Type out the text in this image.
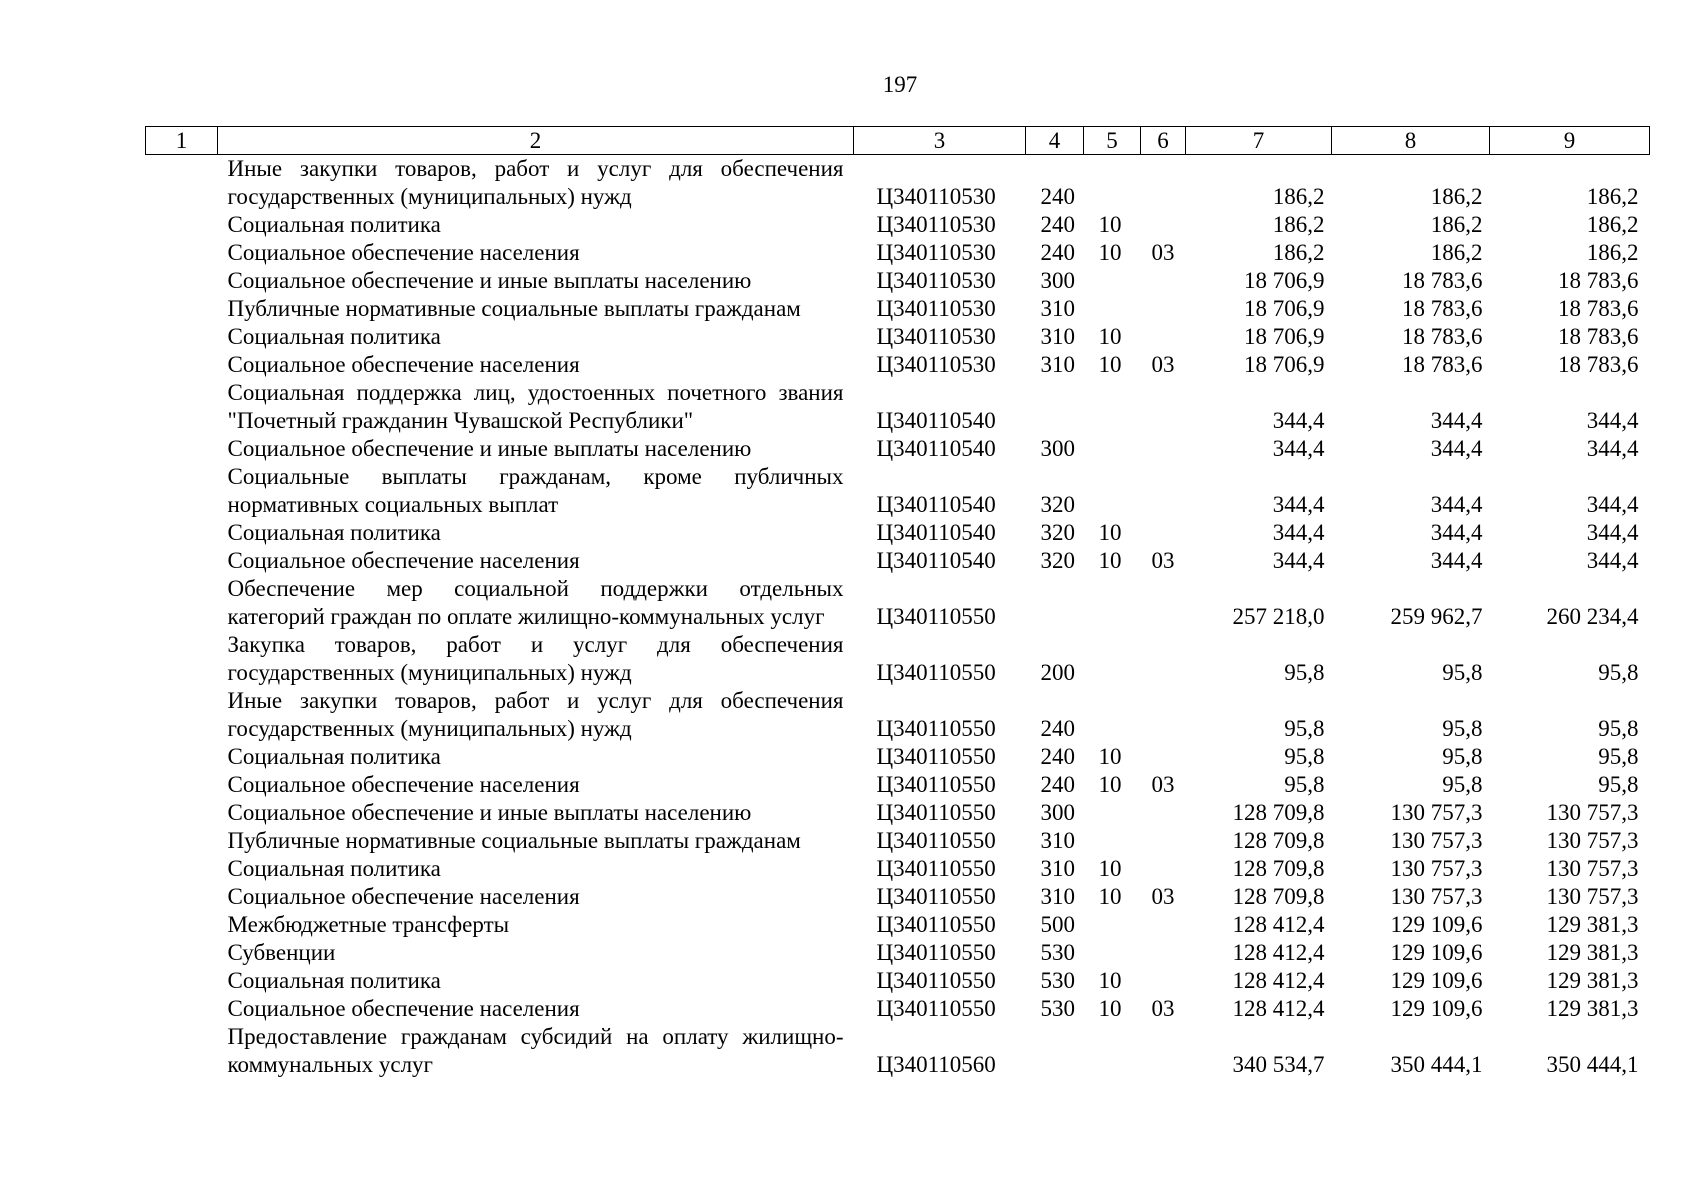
197
1	2	3	4	5	6	7	8	9
	Иные закупки товаров, работ и услуг для обеспечения государственных (муниципальных) нужд	Ц340110530	240			186,2	186,2	186,2
	Социальная политика	Ц340110530	240	10		186,2	186,2	186,2
	Социальное обеспечение населения	Ц340110530	240	10	03	186,2	186,2	186,2
	Социальное обеспечение и иные выплаты населению	Ц340110530	300			18 706,9	18 783,6	18 783,6
	Публичные нормативные социальные выплаты гражданам	Ц340110530	310			18 706,9	18 783,6	18 783,6
	Социальная политика	Ц340110530	310	10		18 706,9	18 783,6	18 783,6
	Социальное обеспечение населения	Ц340110530	310	10	03	18 706,9	18 783,6	18 783,6
	Социальная поддержка лиц, удостоенных почетного звания "Почетный гражданин Чувашской Республики"	Ц340110540				344,4	344,4	344,4
	Социальное обеспечение и иные выплаты населению	Ц340110540	300			344,4	344,4	344,4
	Социальные выплаты гражданам, кроме публичных нормативных социальных выплат	Ц340110540	320			344,4	344,4	344,4
	Социальная политика	Ц340110540	320	10		344,4	344,4	344,4
	Социальное обеспечение населения	Ц340110540	320	10	03	344,4	344,4	344,4
	Обеспечение мер социальной поддержки отдельных категорий граждан по оплате жилищно-коммунальных услуг	Ц340110550				257 218,0	259 962,7	260 234,4
	Закупка товаров, работ и услуг для обеспечения государственных (муниципальных) нужд	Ц340110550	200			95,8	95,8	95,8
	Иные закупки товаров, работ и услуг для обеспечения государственных (муниципальных) нужд	Ц340110550	240			95,8	95,8	95,8
	Социальная политика	Ц340110550	240	10		95,8	95,8	95,8
	Социальное обеспечение населения	Ц340110550	240	10	03	95,8	95,8	95,8
	Социальное обеспечение и иные выплаты населению	Ц340110550	300			128 709,8	130 757,3	130 757,3
	Публичные нормативные социальные выплаты гражданам	Ц340110550	310			128 709,8	130 757,3	130 757,3
	Социальная политика	Ц340110550	310	10		128 709,8	130 757,3	130 757,3
	Социальное обеспечение населения	Ц340110550	310	10	03	128 709,8	130 757,3	130 757,3
	Межбюджетные трансферты	Ц340110550	500			128 412,4	129 109,6	129 381,3
	Субвенции	Ц340110550	530			128 412,4	129 109,6	129 381,3
	Социальная политика	Ц340110550	530	10		128 412,4	129 109,6	129 381,3
	Социальное обеспечение населения	Ц340110550	530	10	03	128 412,4	129 109,6	129 381,3
	Предоставление гражданам субсидий на оплату жилищно-коммунальных услуг	Ц340110560				340 534,7	350 444,1	350 444,1
